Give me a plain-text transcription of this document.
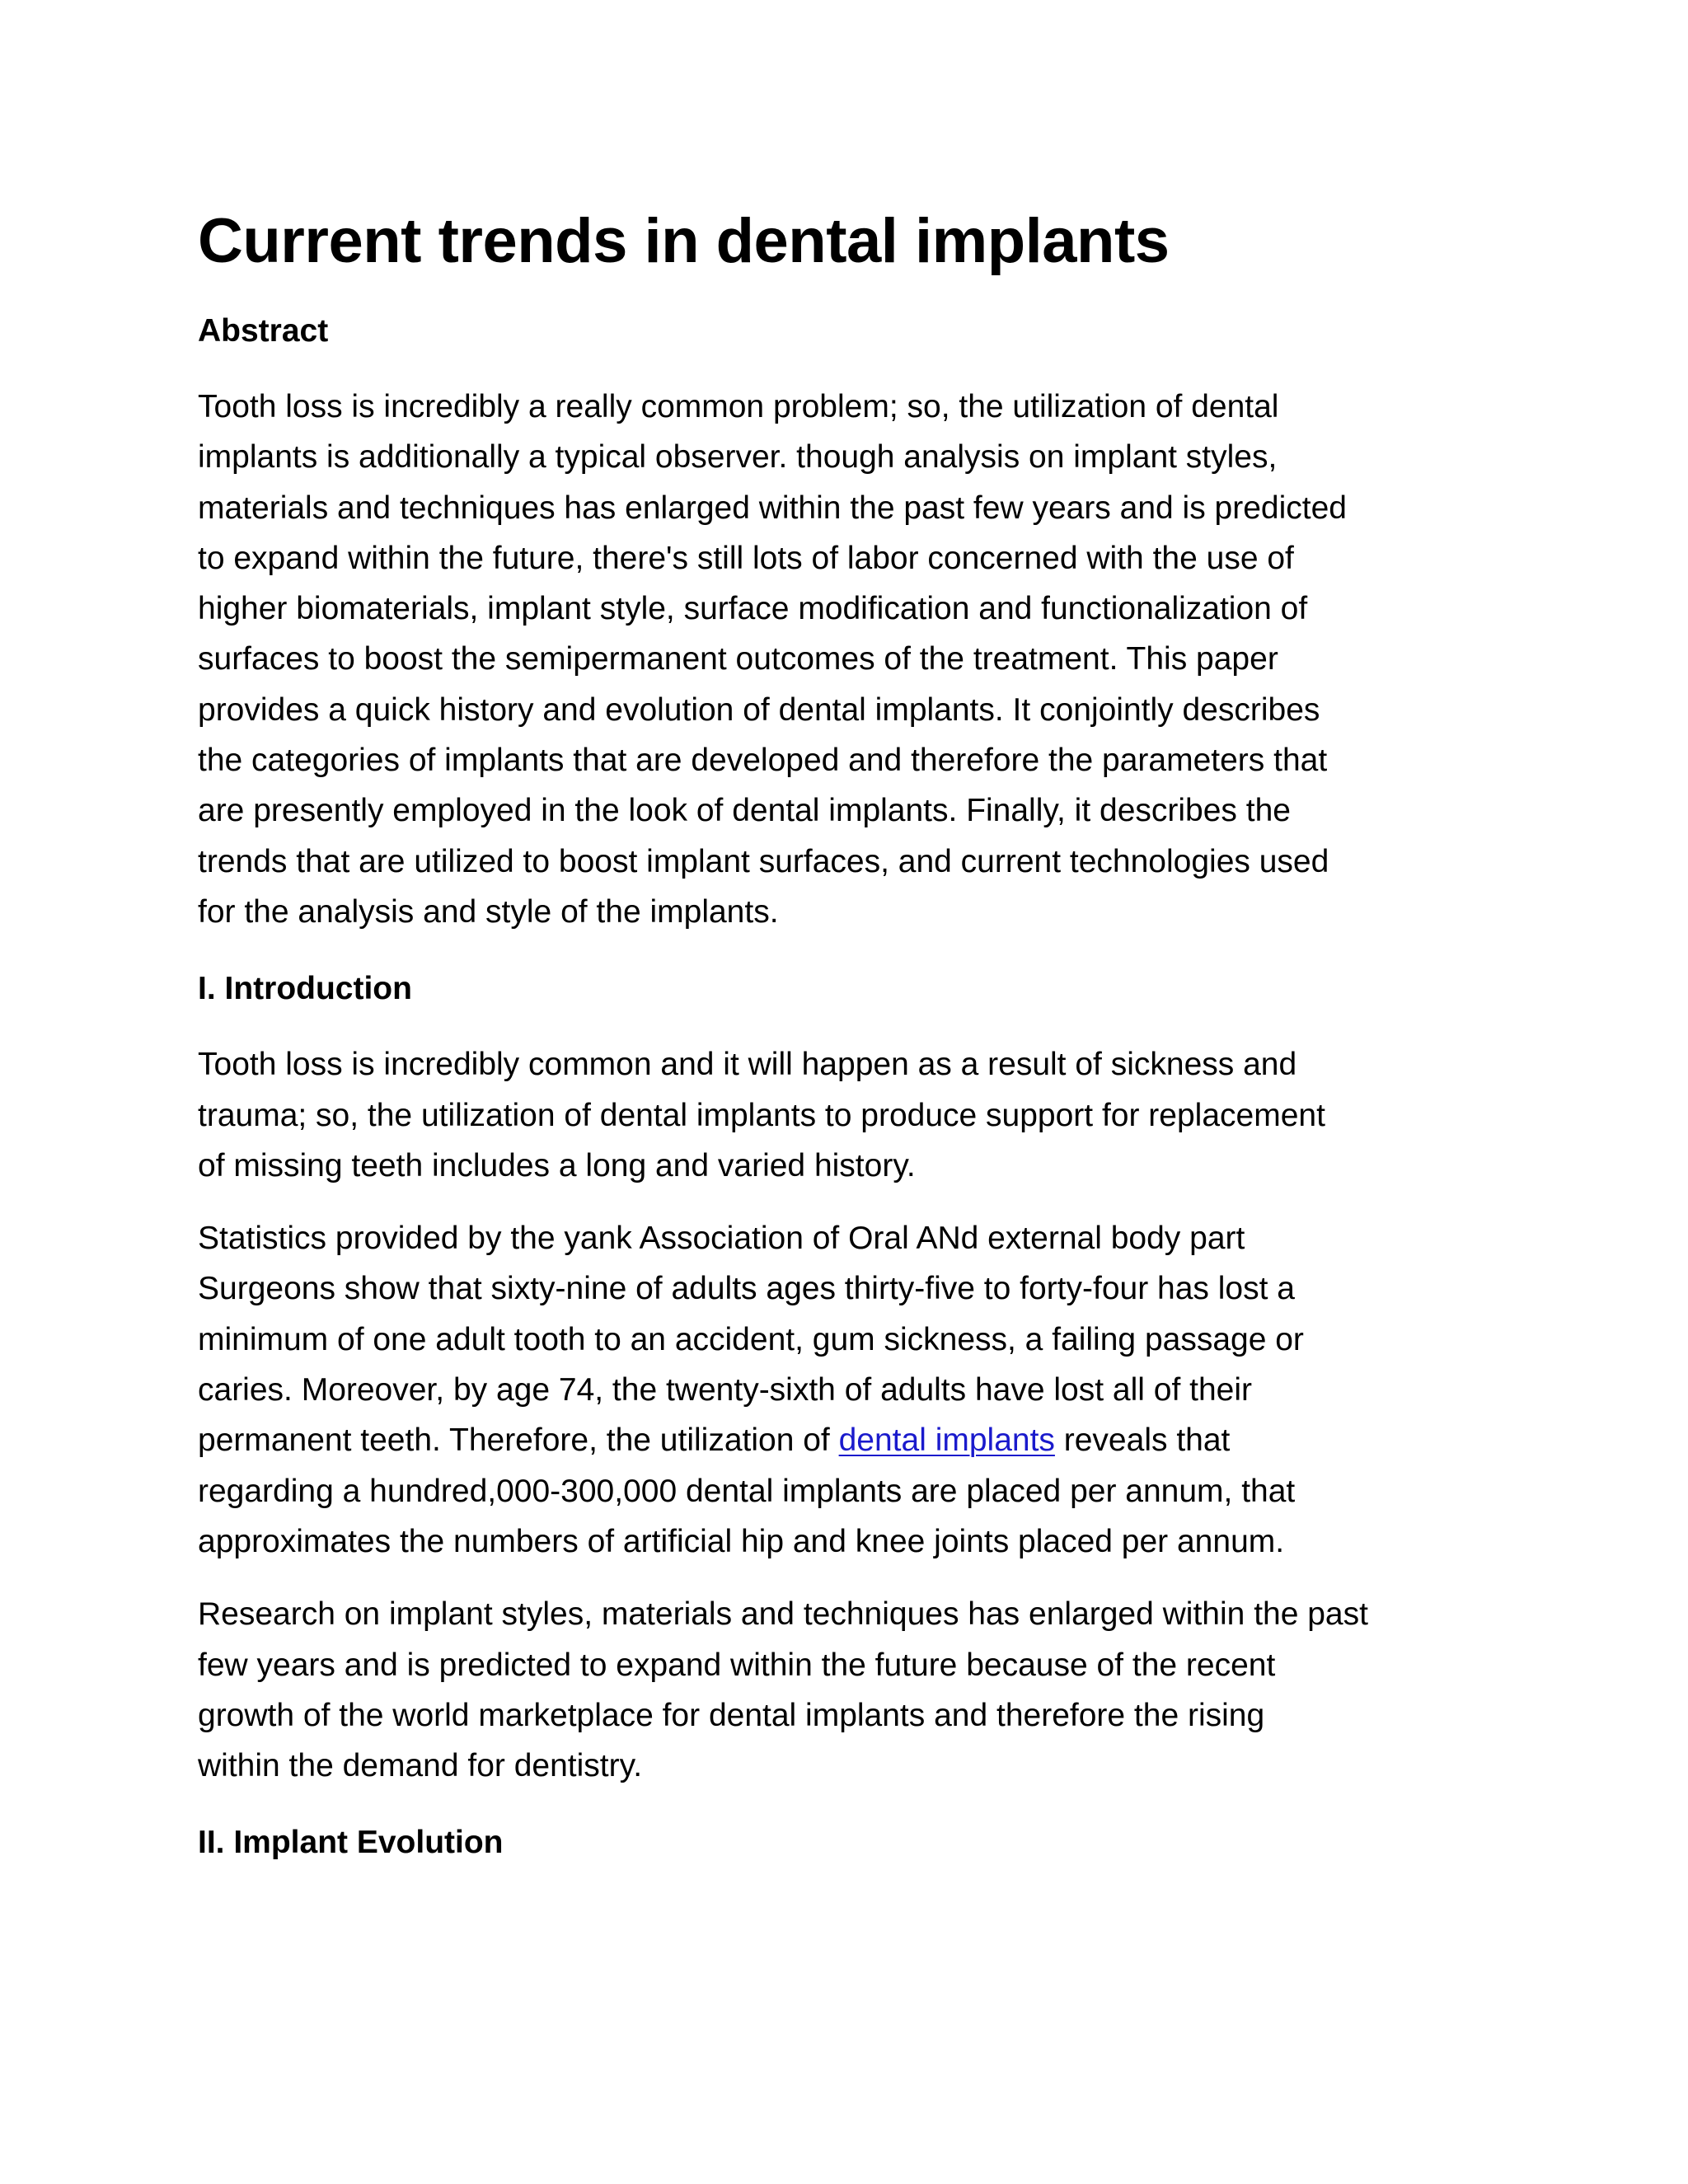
Current trends in dental implants
Abstract

Tooth loss is incredibly a really common problem; so, the utilization of dental
implants is additionally a typical observer. though analysis on implant styles,
materials and techniques has enlarged within the past few years and is predicted
to expand within the future, there's still lots of labor concerned with the use of
higher biomaterials, implant style, surface modification and functionalization of
surfaces to boost the semipermanent outcomes of the treatment. This paper
provides a quick history and evolution of dental implants. It conjointly describes
the categories of implants that are developed and therefore the parameters that
are presently employed in the look of dental implants. Finally, it describes the
trends that are utilized to boost implant surfaces, and current technologies used
for the analysis and style of the implants.

I. Introduction

Tooth loss is incredibly common and it will happen as a result of sickness and
trauma; so, the utilization of dental implants to produce support for replacement
of missing teeth includes a long and varied history.

Statistics provided by the yank Association of Oral ANd external body part
Surgeons show that sixty-nine of adults ages thirty-five to forty-four has lost a
minimum of one adult tooth to an accident, gum sickness, a failing passage or
caries. Moreover, by age 74, the twenty-sixth of adults have lost all of their
permanent teeth. Therefore, the utilization of dental implants reveals that
regarding a hundred,000-300,000 dental implants are placed per annum, that
approximates the numbers of artificial hip and knee joints placed per annum.

Research on implant styles, materials and techniques has enlarged within the past
few years and is predicted to expand within the future because of the recent
growth of the world marketplace for dental implants and therefore the rising
within the demand for dentistry.

II. Implant Evolution
